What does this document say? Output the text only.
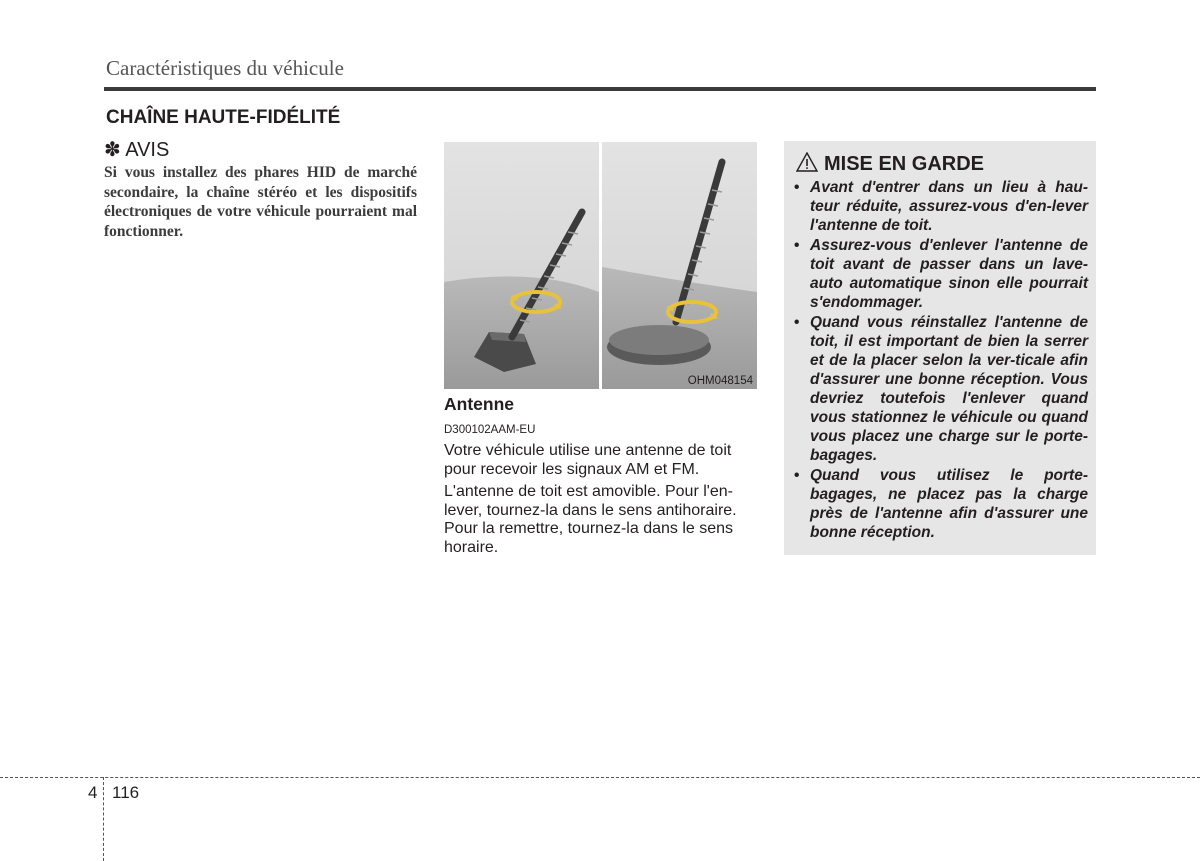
Caractéristiques du véhicule
CHAÎNE HAUTE-FIDÉLITÉ
✽ AVIS
Si vous installez des phares HID de marché secondaire, la chaîne stéréo et les dispositifs électroniques de votre véhicule pourraient mal fonctionner.
OHM048154
Antenne
D300102AAM-EU

Votre véhicule utilise une antenne de toit pour recevoir les signaux AM et FM.

L'antenne de toit est amovible. Pour l'en-lever, tournez-la dans le sens antihoraire. Pour la remettre, tournez-la dans le sens horaire.

MISE EN GARDE
• Avant d'entrer dans un lieu à hau-teur réduite, assurez-vous d'en-lever l'antenne de toit.
• Assurez-vous d'enlever l'antenne de toit avant de passer dans un lave-auto automatique sinon elle pourrait s'endommager.
• Quand vous réinstallez l'antenne de toit, il est important de bien la serrer et de la placer selon la ver-ticale afin d'assurer une bonne réception. Vous devriez toutefois l'enlever quand vous stationnez le véhicule ou quand vous placez une charge sur le porte-bagages.
• Quand vous utilisez le porte-bagages, ne placez pas la charge près de l'antenne afin d'assurer une bonne réception.
4 116
